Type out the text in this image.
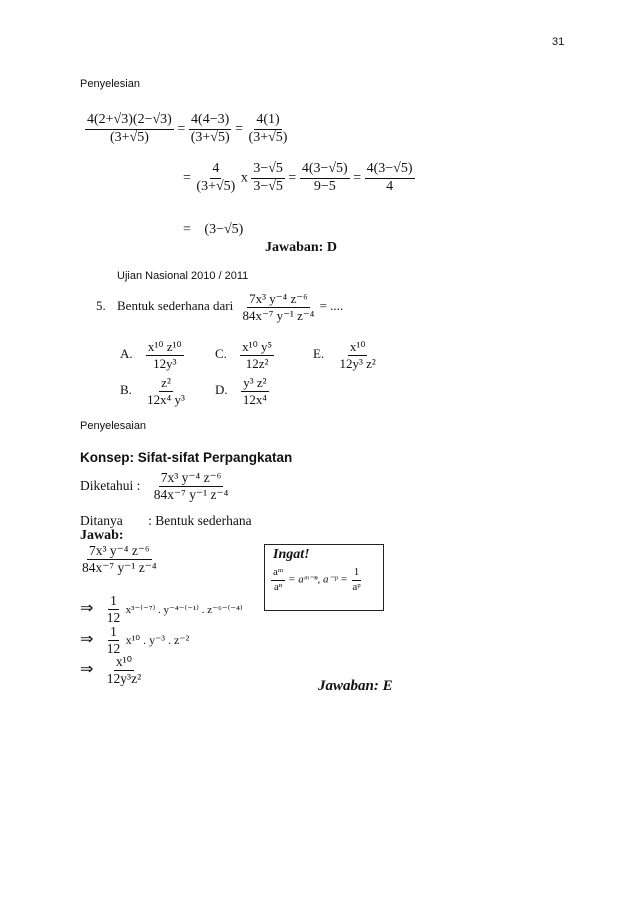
31
Penyelesian
$\frac{4(2+√3)(2-√3)}{(3+√5)} = \frac{4(4-3)}{(3+√5)} = \frac{4(1)}{(3+√5)}$
= $\frac{4}{(3+√5)}$ x $\frac{3-√5}{3-√5} = \frac{4(3-√5)}{9-5} = \frac{4(3-√5)}{4}$
= (3−√5)
Jawaban: D
Ujian Nasional 2010 / 2011
5. Bentuk sederhana dari $\frac{\text{7x³ y⁻⁴ z⁻⁶}}{\text{84x⁻⁷ y⁻¹ z⁻⁴}}$ = ....
A. $\frac{\text{x¹⁰ z¹⁰}}{\text{12y³}} C$. $\frac{\text{x¹⁰ y⁵}}{\text{12z²}}$	E. $\frac{\text{x¹⁰}}{\text{12y³ z²}}$
B. $\frac{\text{z²}}{\text{12x⁴ y³}} D$. $\frac{\text{y³ z²}}{\text{12x⁴}}$
Penyelesaian
Konsep: Sifat-sifat Perpangkatan
Diketahui : $\frac{\text{7x³ y⁻⁴ z⁻⁶}}{\text{84x⁻⁷ y⁻¹ z⁻⁴}}$
Ditanya : Bentuk sederhana
Jawab:
$\frac{\text{7x³ y⁻⁴ z⁻⁶}}{\text{84x⁻⁷ y⁻¹ z⁻⁴}}$	Ingat!
$\frac{\text{aᵐ}}{\text{aⁿ}}$ = aᵐ⁻ⁿ, a⁻ᵖ = $\frac{1}{\text{aᵖ}}$
⇒ $\frac{1}{12} x^{3-(-7)}$ . y⁻⁴⁻⁽⁻¹⁾ . z⁻⁶⁻⁽⁻⁴⁾
⇒ $\frac{1}{12} x^{10}$ . y⁻³ . z⁻²
⇒ $\frac{\text{x¹⁰}}{\text{12y³z²}}$	Jawaban: E
